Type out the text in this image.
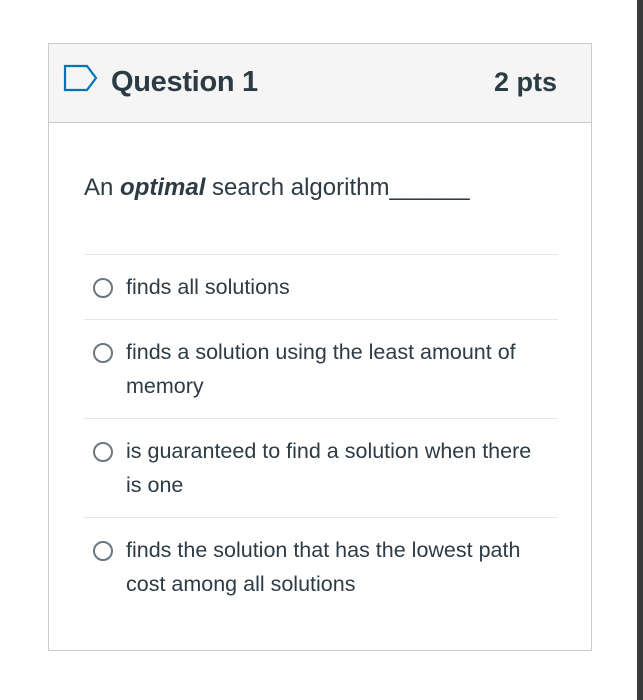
Question 1	2 pts
An optimal search algorithm______
finds all solutions
finds a solution using the least amount of memory
is guaranteed to find a solution when there is one
finds the solution that has the lowest path cost among all solutions
